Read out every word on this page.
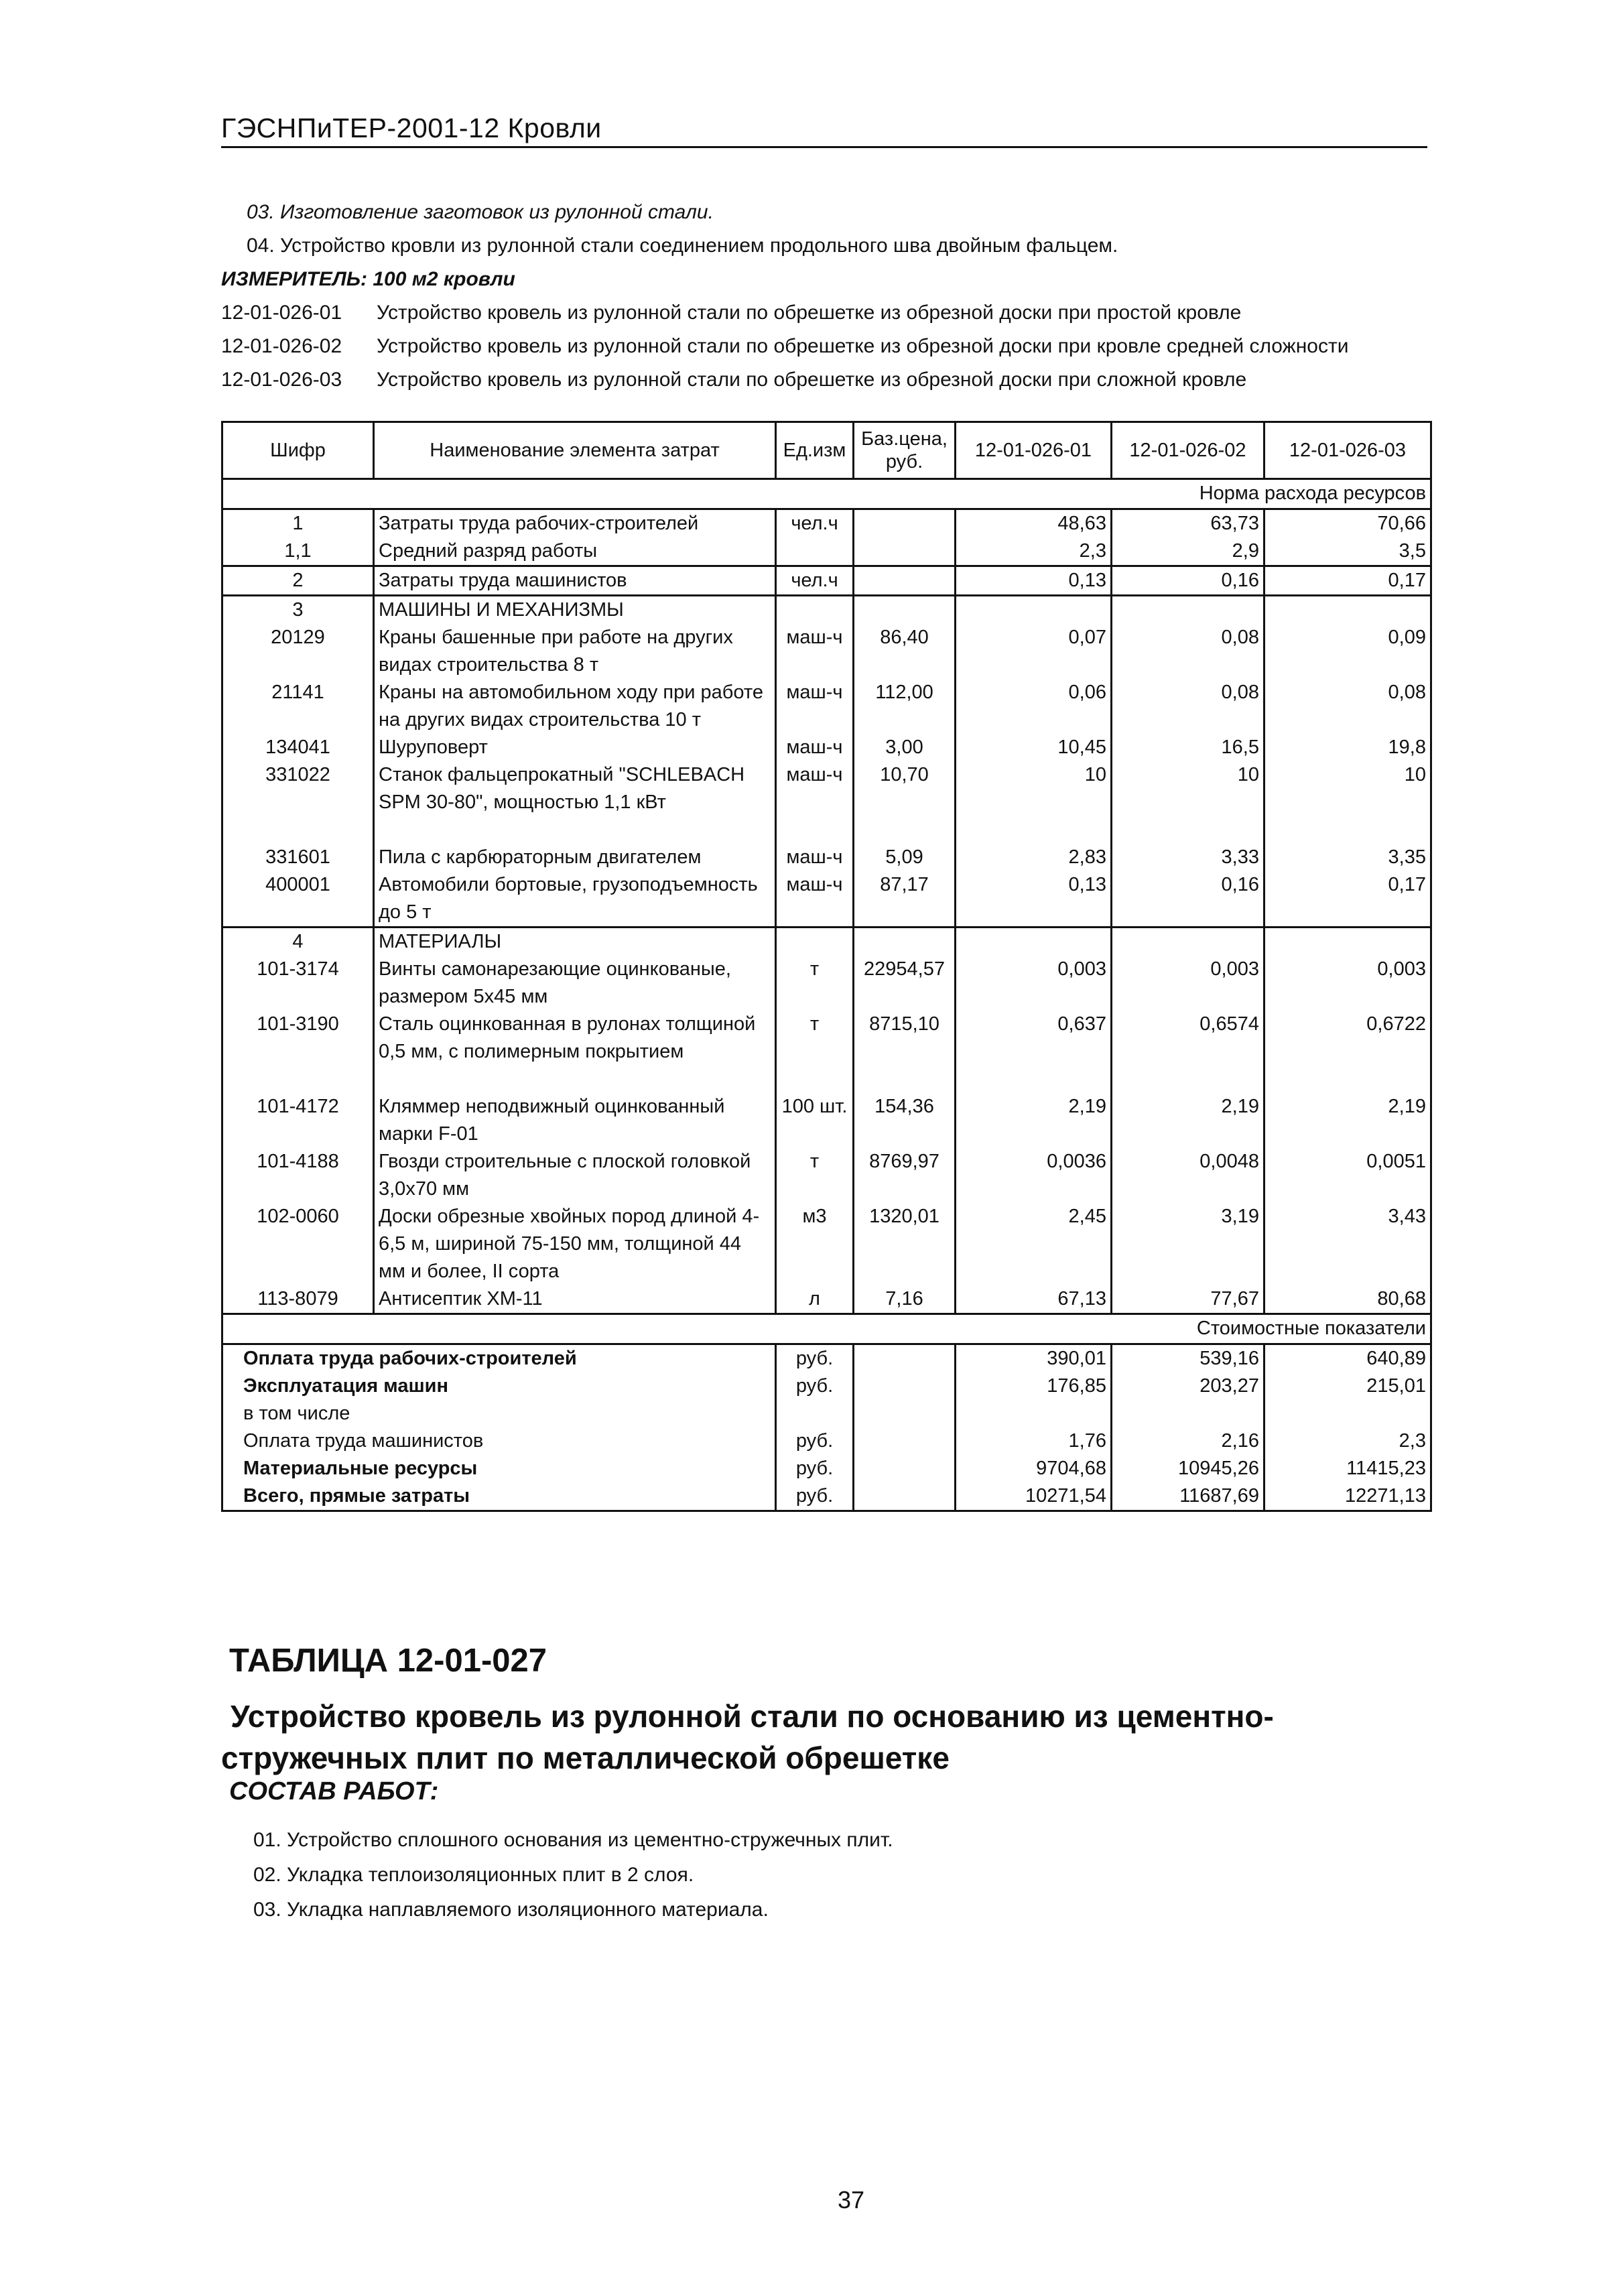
ГЭСНПиТЕР-2001-12 Кровли
03. Изготовление заготовок из рулонной стали.
04. Устройство кровли из рулонной стали соединением продольного шва двойным фальцем.
ИЗМЕРИТЕЛЬ: 100 м2 кровли
12-01-026-01	Устройство кровель из рулонной стали по обрешетке из обрезной доски при простой кровле
12-01-026-02	Устройство кровель из рулонной стали по обрешетке из обрезной доски при кровле средней сложности
12-01-026-03	Устройство кровель из рулонной стали по обрешетке из обрезной доски при сложной кровле
Шифр	Наименование элемента затрат	Ед.изм	Баз.цена, руб.	12-01-026-01	12-01-026-02	12-01-026-03
Норма расхода ресурсов						
1	Затраты труда рабочих-строителей	чел.ч		48,63	63,73	70,66
1,1	Средний разряд работы			2,3	2,9	3,5
2	Затраты труда машинистов	чел.ч		0,13	0,16	0,17
3	МАШИНЫ И МЕХАНИЗМЫ					
20129	Краны башенные при работе на других видах строительства 8 т	маш-ч	86,40	0,07	0,08	0,09
21141	Краны на автомобильном ходу при работе на других видах строительства 10 т	маш-ч	112,00	0,06	0,08	0,08
134041	Шуруповерт	маш-ч	3,00	10,45	16,5	19,8
331022	Станок фальцепрокатный "SCHLEBACH SPM 30-80", мощностью 1,1 кВт	маш-ч	10,70	10	10	10
331601	Пила с карбюраторным двигателем	маш-ч	5,09	2,83	3,33	3,35
400001	Автомобили бортовые, грузоподъемность до 5 т	маш-ч	87,17	0,13	0,16	0,17
4	МАТЕРИАЛЫ					
101-3174	Винты самонарезающие оцинкованые, размером 5х45 мм	т	22954,57	0,003	0,003	0,003
101-3190	Сталь оцинкованная в рулонах толщиной 0,5 мм, с полимерным покрытием	т	8715,10	0,637	0,6574	0,6722
101-4172	Кляммер неподвижный оцинкованный марки F-01	100 шт.	154,36	2,19	2,19	2,19
101-4188	Гвозди строительные с плоской головкой 3,0х70 мм	т	8769,97	0,0036	0,0048	0,0051
102-0060	Доски обрезные хвойных пород длиной 4-6,5 м, шириной 75-150 мм, толщиной 44 мм и более, II сорта	м3	1320,01	2,45	3,19	3,43
113-8079	Антисептик ХМ-11	л	7,16	67,13	77,67	80,68
Стоимостные показатели						
Оплата труда рабочих-строителей		руб.		390,01	539,16	640,89
Эксплуатация машин		руб.		176,85	203,27	215,01
в том числе						
Оплата труда машинистов		руб.		1,76	2,16	2,3
Материальные ресурсы		руб.		9704,68	10945,26	11415,23
Всего, прямые затраты		руб.		10271,54	11687,69	12271,13
ТАБЛИЦА 12-01-027
Устройство кровель из рулонной стали по основанию из цементно-
стружечных плит по металлической обрешетке
СОСТАВ РАБОТ:
01. Устройство сплошного основания из цементно-стружечных плит.
02. Укладка теплоизоляционных плит в 2 слоя.
03. Укладка наплавляемого изоляционного материала.
37
